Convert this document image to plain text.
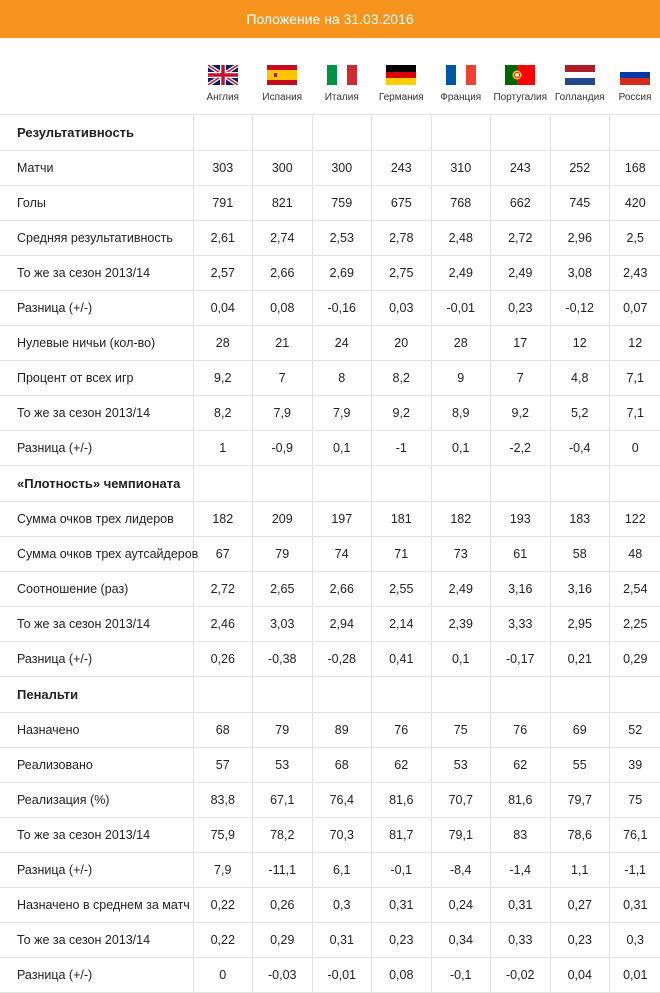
Положение на 31.03.2016

	Англия	Испания	Италия	Германия	Франция	Португалия	Голландия	Россия

Результативность								
Матчи	303	300	300	243	310	243	252	168
Голы	791	821	759	675	768	662	745	420
Средняя результативность	2,61	2,74	2,53	2,78	2,48	2,72	2,96	2,5
То же за сезон 2013/14	2,57	2,66	2,69	2,75	2,49	2,49	3,08	2,43
Разница (+/-)	0,04	0,08	-0,16	0,03	-0,01	0,23	-0,12	0,07
Нулевые ничьи (кол-во)	28	21	24	20	28	17	12	12
Процент от всех игр	9,2	7	8	8,2	9	7	4,8	7,1
То же за сезон 2013/14	8,2	7,9	7,9	9,2	8,9	9,2	5,2	7,1
Разница (+/-)	1	-0,9	0,1	-1	0,1	-2,2	-0,4	0
«Плотность» чемпионата								
Сумма очков трех лидеров	182	209	197	181	182	193	183	122
Сумма очков трех аутсайдеров	67	79	74	71	73	61	58	48
Соотношение (раз)	2,72	2,65	2,66	2,55	2,49	3,16	3,16	2,54
То же за сезон 2013/14	2,46	3,03	2,94	2,14	2,39	3,33	2,95	2,25
Разница (+/-)	0,26	-0,38	-0,28	0,41	0,1	-0,17	0,21	0,29
Пенальти								
Назначено	68	79	89	76	75	76	69	52
Реализовано	57	53	68	62	53	62	55	39
Реализация (%)	83,8	67,1	76,4	81,6	70,7	81,6	79,7	75
То же за сезон 2013/14	75,9	78,2	70,3	81,7	79,1	83	78,6	76,1
Разница (+/-)	7,9	-11,1	6,1	-0,1	-8,4	-1,4	1,1	-1,1
Назначено в среднем за матч	0,22	0,26	0,3	0,31	0,24	0,31	0,27	0,31
То же за сезон 2013/14	0,22	0,29	0,31	0,23	0,34	0,33	0,23	0,3
Разница (+/-)	0	-0,03	-0,01	0,08	-0,1	-0,02	0,04	0,01
